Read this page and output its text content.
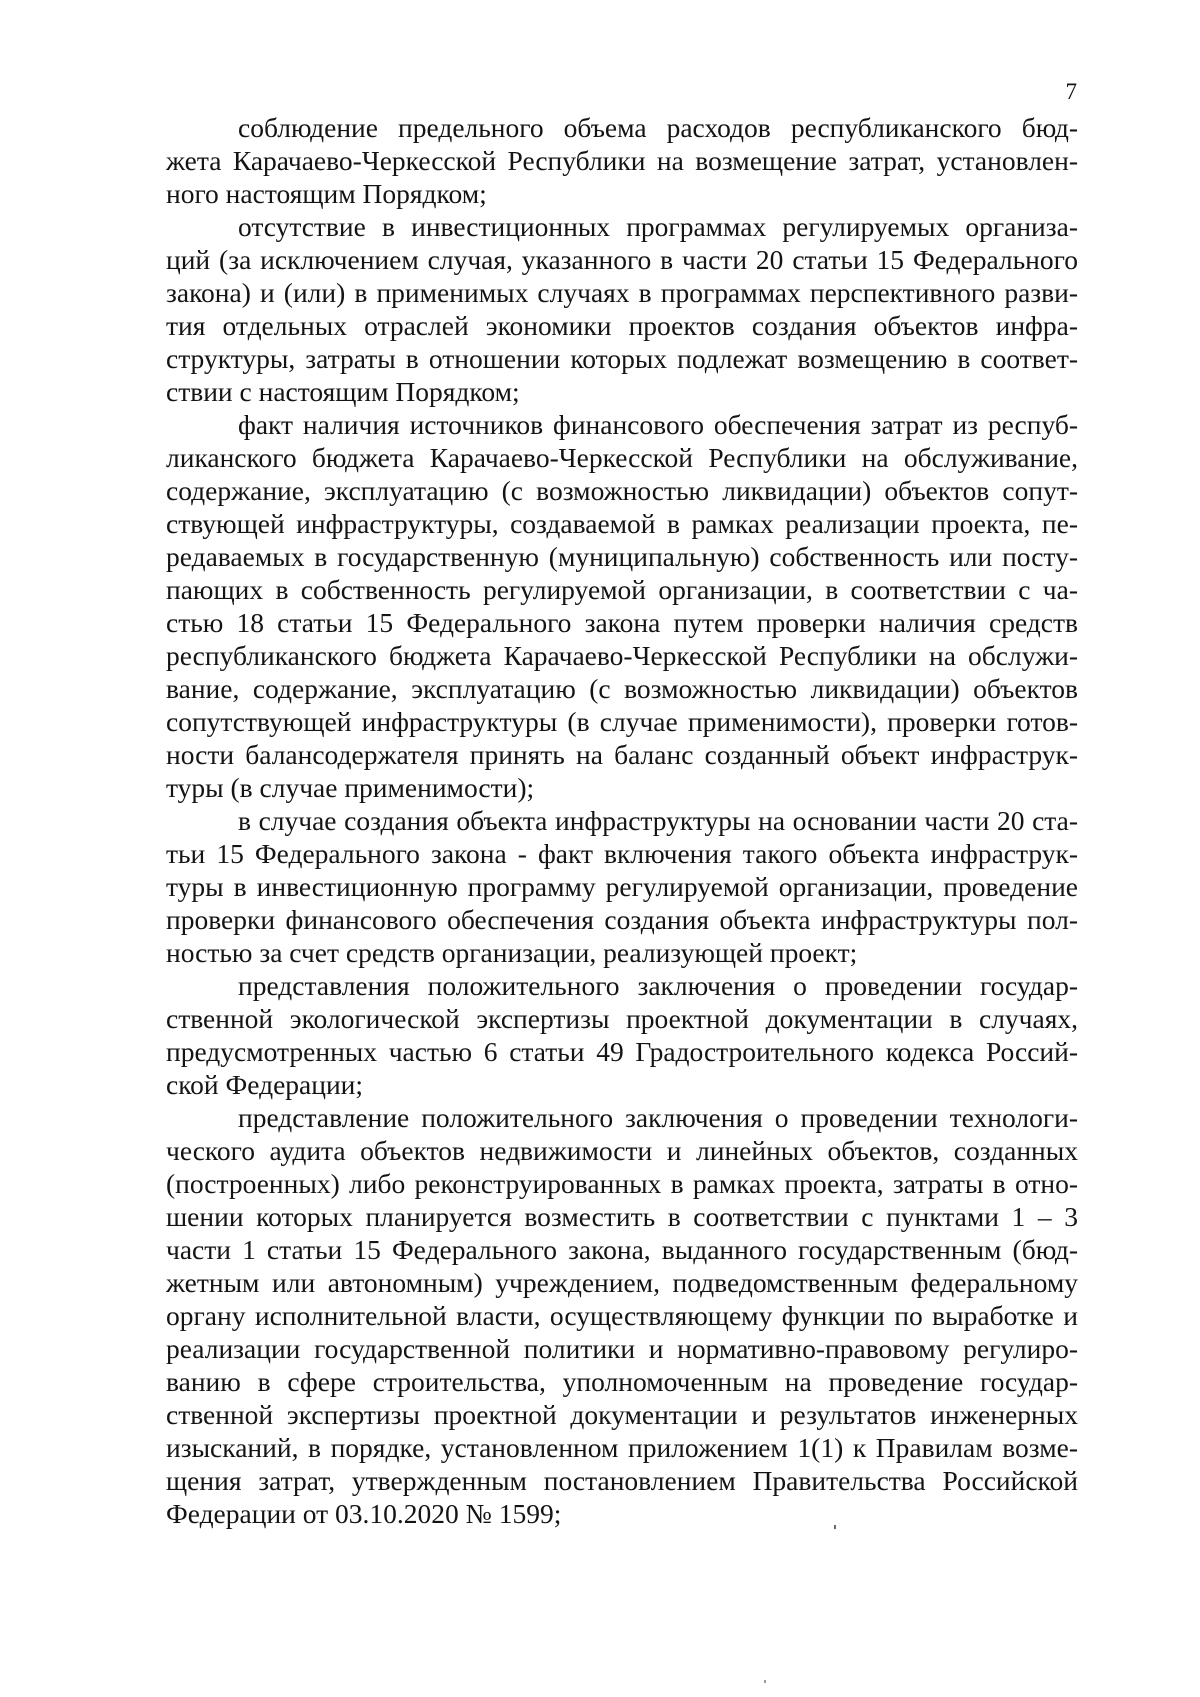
7
соблюдение предельного объема расходов республиканского бюд-
жета Карачаево-Черкесской Республики на возмещение затрат, установлен-
ного настоящим Порядком;
отсутствие в инвестиционных программах регулируемых организа-
ций (за исключением случая, указанного в части 20 статьи 15 Федерального
закона) и (или) в применимых случаях в программах перспективного разви-
тия отдельных отраслей экономики проектов создания объектов инфра-
структуры, затраты в отношении которых подлежат возмещению в соответ-
ствии с настоящим Порядком;
факт наличия источников финансового обеспечения затрат из респуб-
ликанского бюджета Карачаево-Черкесской Республики на обслуживание,
содержание, эксплуатацию (с возможностью ликвидации) объектов сопут-
ствующей инфраструктуры, создаваемой в рамках реализации проекта, пе-
редаваемых в государственную (муниципальную) собственность или посту-
пающих в собственность регулируемой организации, в соответствии с ча-
стью 18 статьи 15 Федерального закона путем проверки наличия средств
республиканского бюджета Карачаево-Черкесской Республики на обслужи-
вание, содержание, эксплуатацию (с возможностью ликвидации) объектов
сопутствующей инфраструктуры (в случае применимости), проверки готов-
ности балансодержателя принять на баланс созданный объект инфраструк-
туры (в случае применимости);
в случае создания объекта инфраструктуры на основании части 20 ста-
тьи 15 Федерального закона - факт включения такого объекта инфраструк-
туры в инвестиционную программу регулируемой организации, проведение
проверки финансового обеспечения создания объекта инфраструктуры пол-
ностью за счет средств организации, реализующей проект;
представления положительного заключения о проведении государ-
ственной экологической экспертизы проектной документации в случаях,
предусмотренных частью 6 статьи 49 Градостроительного кодекса Россий-
ской Федерации;
представление положительного заключения о проведении технологи-
ческого аудита объектов недвижимости и линейных объектов, созданных
(построенных) либо реконструированных в рамках проекта, затраты в отно-
шении которых планируется возместить в соответствии с пунктами 1 – 3
части 1 статьи 15 Федерального закона, выданного государственным (бюд-
жетным или автономным) учреждением, подведомственным федеральному
органу исполнительной власти, осуществляющему функции по выработке и
реализации государственной политики и нормативно-правовому регулиро-
ванию в сфере строительства, уполномоченным на проведение государ-
ственной экспертизы проектной документации и результатов инженерных
изысканий, в порядке, установленном приложением 1(1) к Правилам возме-
щения затрат, утвержденным постановлением Правительства Российской
Федерации от 03.10.2020 № 1599;
